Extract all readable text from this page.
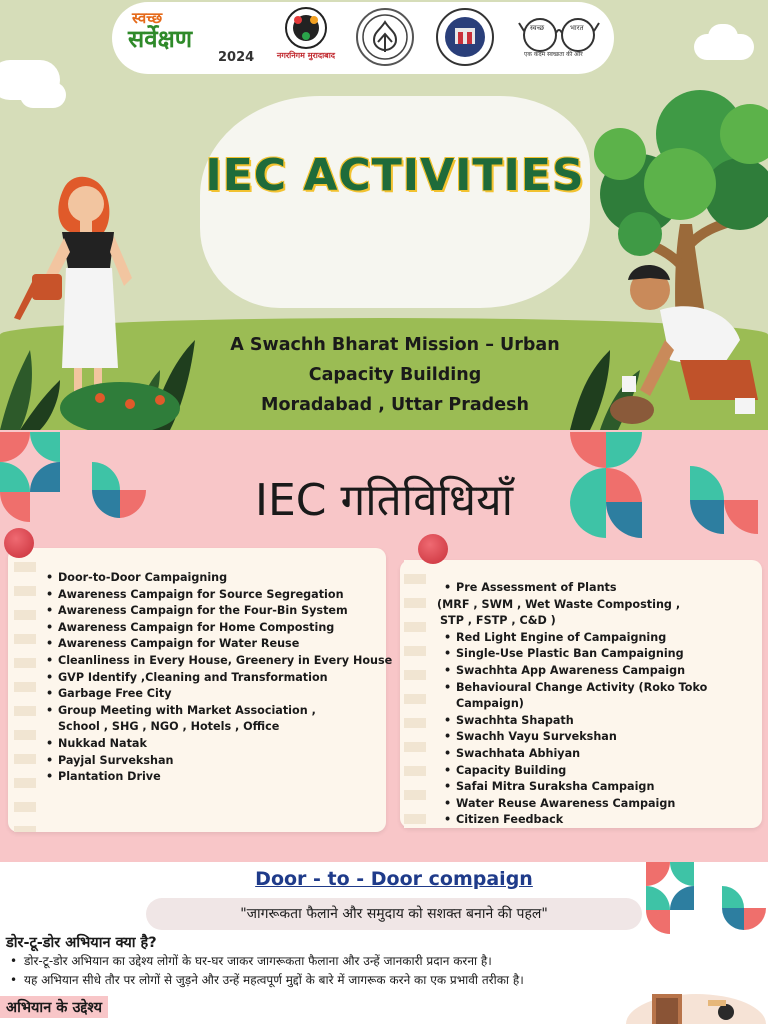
स्वच्छ
सर्वेक्षण
2024	नगरनिगम मुरादाबाद
स्वच्छ	भारत
एक कदम स्वच्छता की ओर
IEC ACTIVITIES
A Swachh Bharat Mission – Urban
Capacity Building
Moradabad , Uttar Pradesh
IEC गतिविधियाँ
• Door-to-Door Campaigning
• Awareness Campaign for Source Segregation
• Awareness Campaign for the Four-Bin System
• Awareness Campaign for Home Composting
• Awareness Campaign for Water Reuse
• Cleanliness in Every House, Greenery in Every House
• GVP Identify ,Cleaning and Transformation
• Garbage Free City
• Group Meeting with Market Association ,
School , SHG , NGO , Hotels , Office
• Nukkad Natak
• Payjal Survekshan
• Plantation Drive
• Pre Assessment of Plants
(MRF , SWM , Wet Waste Composting ,
STP , FSTP , C&D )
• Red Light Engine of Campaigning
• Single-Use Plastic Ban Campaigning
• Swachhta App Awareness Campaign
• Behavioural Change Activity (Roko Toko
Campaign)
• Swachhta Shapath
• Swachh Vayu Survekshan
• Swachhata Abhiyan
• Capacity Building
• Safai Mitra Suraksha Campaign
• Water Reuse Awareness Campaign
• Citizen Feedback
Door - to - Door compaign
"जागरूकता फैलाने और समुदाय को सशक्त बनाने की पहल"
डोर-टू-डोर अभियान क्या है?
• डोर-टू-डोर अभियान का उद्देश्य लोगों के घर-घर जाकर जागरूकता फैलाना और उन्हें जानकारी प्रदान करना है।
• यह अभियान सीधे तौर पर लोगों से जुड़ने और उन्हें महत्वपूर्ण मुद्दों के बारे में जागरूक करने का एक प्रभावी तरीका है।
अभियान के उद्देश्य
